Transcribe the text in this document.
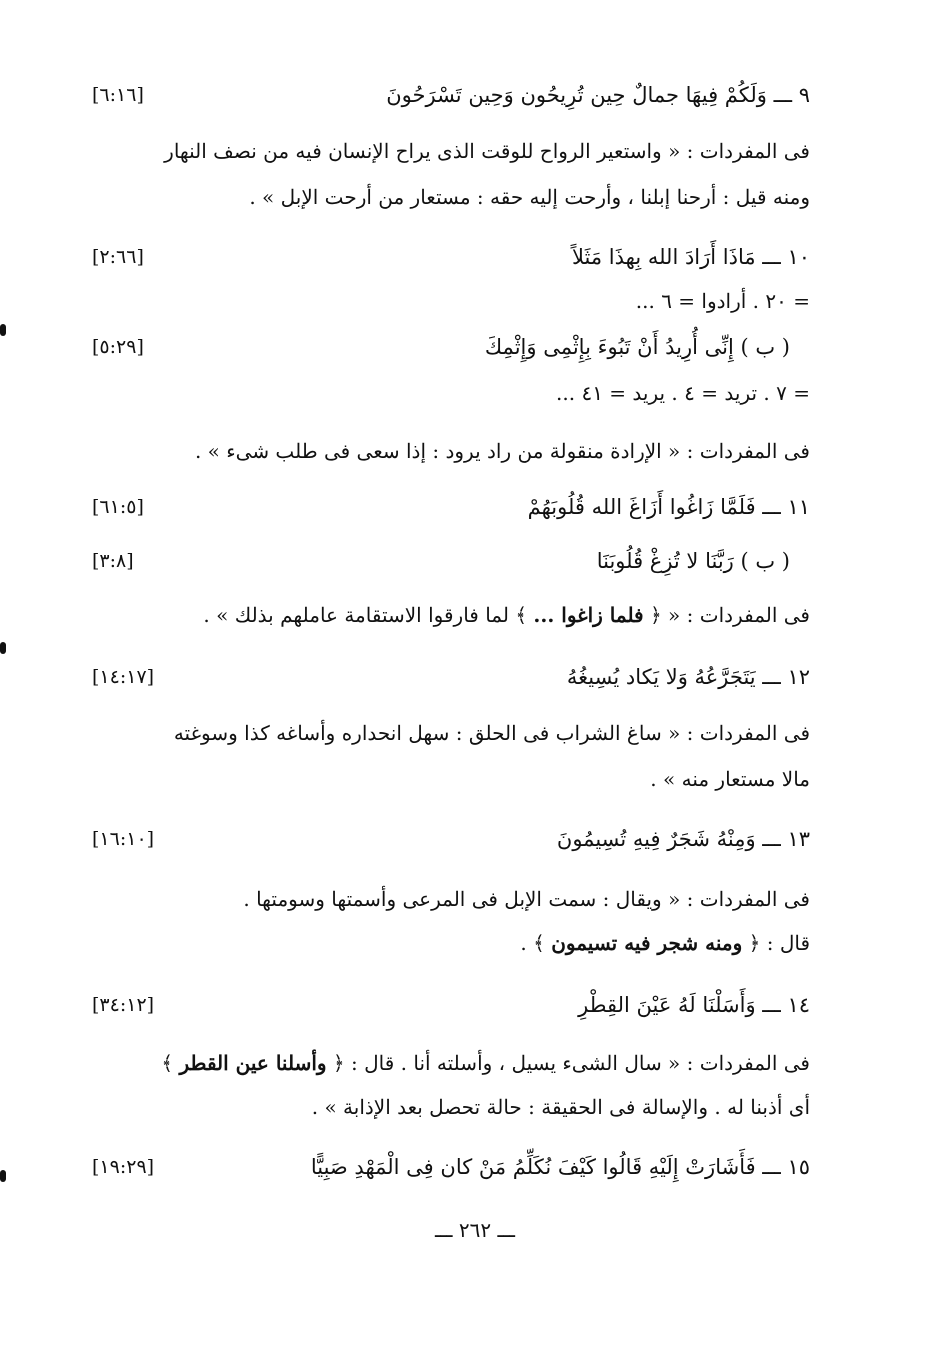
٩ ـــ وَلَكُمْ فِيهَا جمالٌ حِين تُرِيحُون وَحِين تَسْرَحُونَ
[٦:١٦]
فى المفردات : « واستعير الرواح للوقت الذى يراح الإنسان فيه من نصف النهار
ومنه قيل : أرحنا إبلنا ، وأرحت إليه حقه : مستعار من أرحت الإبل » .
١٠ ـــ مَاذَا أَرَادَ الله بِهذَا مَثَلاً
[٢:٦٦]
= ٢٠ . أرادوا = ٦ ...
( ب ) إِنِّى أُرِيدُ أَنْ تَبُوءَ بِإِثْمِى وَإِثْمِكَ
[٥:٢٩]
= ٧ . تريد = ٤ . يريد = ٤١ ...
فى المفردات : « الإرادة منقولة من راد يرود : إذا سعى فى طلب شىء » .
١١ ـــ فَلَمَّا زَاغُوا أَزَاغَ الله قُلُوبَهُمْ
[٦١:٥]
( ب ) رَبَّنَا لا تُزِغْ قُلُوبَنَا
[٣:٨]
فى المفردات : « ﴿ فلما زاغوا ... ﴾ لما فارقوا الاستقامة عاملهم بذلك » .
١٢ ـــ يَتَجَرَّعُهُ وَلا يَكاد يُسِيغُهُ
[١٤:١٧]
فى المفردات : « ساغ الشراب فى الحلق : سهل انحداره وأساغه كذا وسوغته
مالا مستعار منه » .
١٣ ـــ وَمِنْهُ شَجَرٌ فِيهِ تُسِيمُونَ
[١٦:١٠]
فى المفردات : « ويقال : سمت الإبل فى المرعى وأسمتها وسومتها .
قال : ﴿ ومنه شجر فيه تسيمون ﴾ .
١٤ ـــ وَأَسَلْنَا لَهُ عَيْنَ القِطْرِ
[٣٤:١٢]
فى المفردات : « سال الشىء يسيل ، وأسلته أنا . قال : ﴿ وأسلنا عين القطر ﴾
أى أذبنا له . والإسالة فى الحقيقة : حالة تحصل بعد الإذابة » .
١٥ ـــ فَأَشَارَتْ إِلَيْهِ قَالُوا كَيْفَ نُكَلِّمُ مَنْ كان فِى الْمَهْدِ صَبِيًّا
[١٩:٢٩]
ـــ ٢٦٢ ـــ
